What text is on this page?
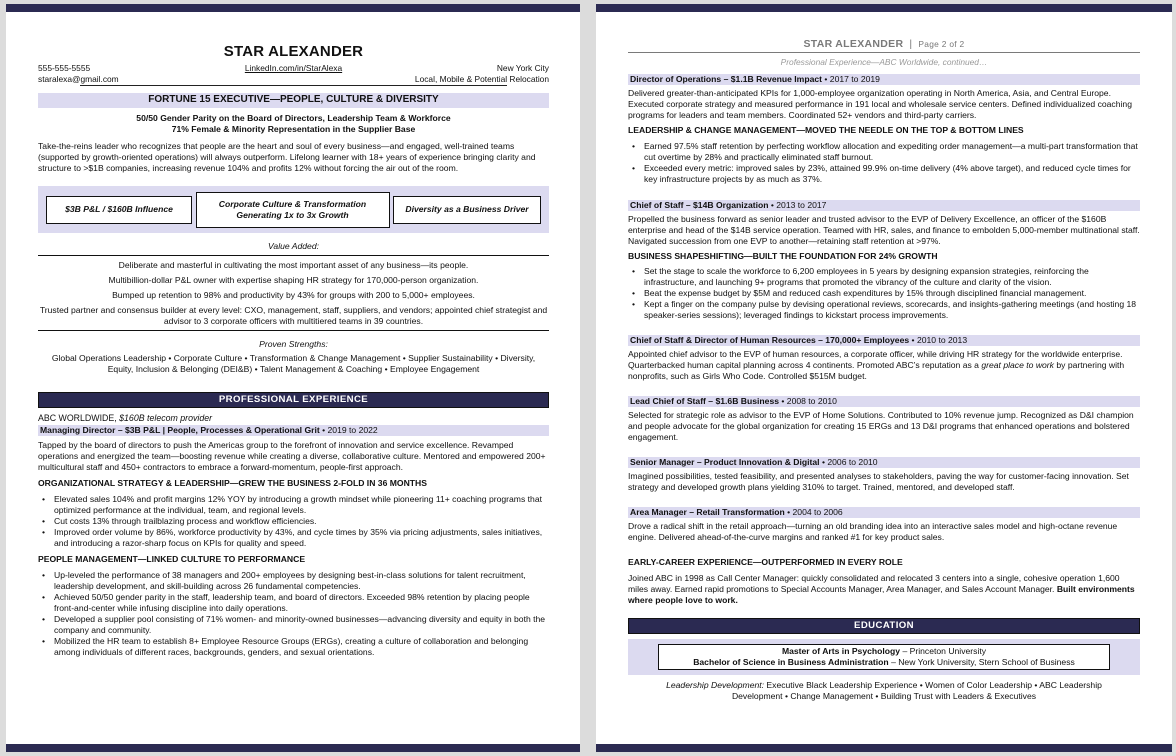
STAR ALEXANDER
555-555-5555
staralexa@gmail.com
LinkedIn.com/in/StarAlexa	New York City
Local, Mobile & Potential Relocation
FORTUNE 15 EXECUTIVE—PEOPLE, CULTURE & DIVERSITY
50/50 Gender Parity on the Board of Directors, Leadership Team & Workforce
71% Female & Minority Representation in the Supplier Base
Take-the-reins leader who recognizes that people are the heart and soul of every business—and engaged, well-trained teams (supported by growth-oriented operations) will always outperform. Lifelong learner with 18+ years of experience bringing clarity and structure to >$1B companies, increasing revenue 104% and profits 12% without forcing the air out of the room.
$3B P&L / $160B Influence
Corporate Culture & Transformation Generating 1x to 3x Growth
Diversity as a Business Driver
Value Added:
Deliberate and masterful in cultivating the most important asset of any business—its people.
Multibillion-dollar P&L owner with expertise shaping HR strategy for 170,000-person organization.
Bumped up retention to 98% and productivity by 43% for groups with 200 to 5,000+ employees.
Trusted partner and consensus builder at every level: CXO, management, staff, suppliers, and vendors; appointed chief strategist and advisor to 3 corporate officers with multitiered teams in 39 countries.
Proven Strengths:
Global Operations Leadership • Corporate Culture • Transformation & Change Management • Supplier Sustainability • Diversity, Equity, Inclusion & Belonging (DEI&B) • Talent Management & Coaching • Employee Engagement
PROFESSIONAL EXPERIENCE
ABC WORLDWIDE, $160B telecom provider
Managing Director – $3B P&L | People, Processes & Operational Grit • 2019 to 2022
Tapped by the board of directors to push the Americas group to the forefront of innovation and service excellence. Revamped operations and energized the team—boosting revenue while creating a diverse, collaborative culture. Mentored and empowered 200+ multicultural staff and 450+ contractors to embrace a forward-momentum, people-first approach.
ORGANIZATIONAL STRATEGY & LEADERSHIP—GREW THE BUSINESS 2-FOLD IN 36 MONTHS
• Elevated sales 104% and profit margins 12% YOY by introducing a growth mindset while pioneering 11+ coaching programs that optimized performance at the individual, team, and regional levels.
• Cut costs 13% through trailblazing process and workflow efficiencies.
• Improved order volume by 86%, workforce productivity by 43%, and cycle times by 35% via pricing adjustments, sales initiatives, and introducing a razor-sharp focus on KPIs for quality and speed.
PEOPLE MANAGEMENT—LINKED CULTURE TO PERFORMANCE
• Up-leveled the performance of 38 managers and 200+ employees by designing best-in-class solutions for talent recruitment, leadership development, and skill-building across 26 fundamental competencies.
• Achieved 50/50 gender parity in the staff, leadership team, and board of directors. Exceeded 98% retention by placing people front-and-center while infusing discipline into daily operations.
• Developed a supplier pool consisting of 71% women- and minority-owned businesses—advancing diversity and equity in both the company and community.
• Mobilized the HR team to establish 8+ Employee Resource Groups (ERGs), creating a culture of collaboration and belonging among individuals of different races, backgrounds, genders, and sexual orientations.
STAR ALEXANDER | Page 2 of 2
Professional Experience—ABC Worldwide, continued…
Director of Operations – $1.1B Revenue Impact • 2017 to 2019
Delivered greater-than-anticipated KPIs for 1,000-employee organization operating in North America, Asia, and Central Europe. Executed corporate strategy and measured performance in 191 local and wholesale service centers. Defined individualized coaching programs for leaders and team members. Coordinated 52+ vendors and third-party carriers.
LEADERSHIP & CHANGE MANAGEMENT—MOVED THE NEEDLE ON THE TOP & BOTTOM LINES
• Earned 97.5% staff retention by perfecting workflow allocation and expediting order management—a multi-part transformation that cut overtime by 28% and practically eliminated staff burnout.
• Exceeded every metric: improved sales by 23%, attained 99.9% on-time delivery (4% above target), and reduced cycle times for key infrastructure projects by as much as 37%.
Chief of Staff – $14B Organization • 2013 to 2017
Propelled the business forward as senior leader and trusted advisor to the EVP of Delivery Excellence, an officer of the $160B enterprise and head of the $14B service operation. Teamed with HR, sales, and finance to embolden 5,000-member multinational staff. Navigated succession from one EVP to another—retaining staff retention at >97%.
BUSINESS SHAPESHIFTING—BUILT THE FOUNDATION FOR 24% GROWTH
• Set the stage to scale the workforce to 6,200 employees in 5 years by designing expansion strategies, reinforcing the infrastructure, and launching 9+ programs that promoted the vibrancy of the culture and clarity of the vision.
• Beat the expense budget by $5M and reduced cash expenditures by 15% through disciplined financial management.
• Kept a finger on the company pulse by devising operational reviews, scorecards, and insights-gathering meetings (and hosting 18 speaker-series sessions); leveraged findings to kickstart process improvements.
Chief of Staff & Director of Human Resources – 170,000+ Employees • 2010 to 2013
Appointed chief advisor to the EVP of human resources, a corporate officer, while driving HR strategy for the worldwide enterprise. Quarterbacked human capital planning across 4 continents. Promoted ABC’s reputation as a great place to work by partnering with nonprofits, such as Girls Who Code. Controlled $515M budget.
Lead Chief of Staff – $1.6B Business • 2008 to 2010
Selected for strategic role as advisor to the EVP of Home Solutions. Contributed to 10% revenue jump. Recognized as D&I champion and people advocate for the global organization for creating 15 ERGs and 13 D&I programs that enhanced operations and bolstered engagement.
Senior Manager – Product Innovation & Digital • 2006 to 2010
Imagined possibilities, tested feasibility, and presented analyses to stakeholders, paving the way for customer-facing innovation. Set strategy and developed growth plans yielding 310% to target. Trained, mentored, and developed staff.
Area Manager – Retail Transformation • 2004 to 2006
Drove a radical shift in the retail approach—turning an old branding idea into an interactive sales model and high-octane revenue engine. Delivered ahead-of-the-curve margins and ranked #1 for key product sales.
EARLY-CAREER EXPERIENCE—OUTPERFORMED IN EVERY ROLE
Joined ABC in 1998 as Call Center Manager: quickly consolidated and relocated 3 centers into a single, cohesive operation 1,600 miles away. Earned rapid promotions to Special Accounts Manager, Area Manager, and Sales Account Manager. Built environments where people love to work.
EDUCATION
Master of Arts in Psychology – Princeton University
Bachelor of Science in Business Administration – New York University, Stern School of Business
Leadership Development: Executive Black Leadership Experience • Women of Color Leadership • ABC Leadership Development • Change Management • Building Trust with Leaders & Executives
